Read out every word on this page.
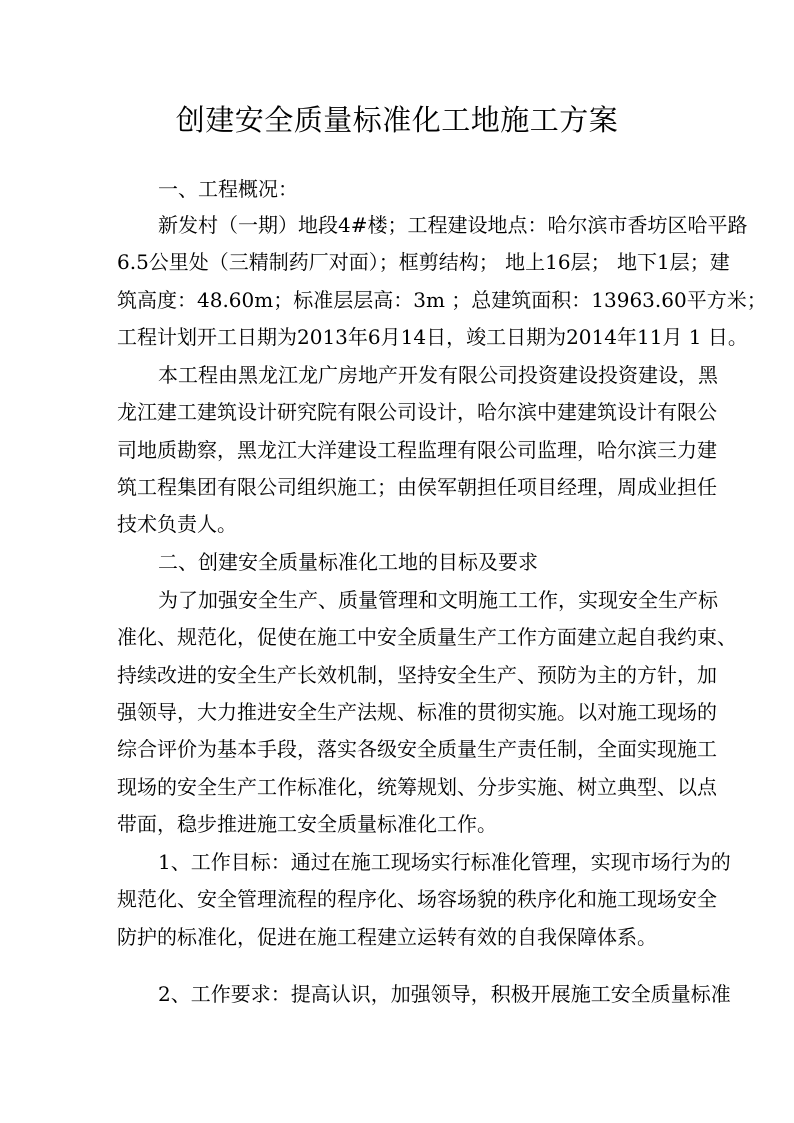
创建安全质量标准化工地施工方案
一、工程概况：
新发村（一期）地段4#楼；工程建设地点：哈尔滨市香坊区哈平路
6.5公里处（三精制药厂对面）；框剪结构； 地上16层； 地下1层；建
筑高度：48.60m；标准层层高：3m ；总建筑面积：13963.60平方米；
工程计划开工日期为2013年6月14日，竣工日期为2014年11月 1 日。
本工程由黑龙江龙广房地产开发有限公司投资建设投资建设，黑
龙江建工建筑设计研究院有限公司设计，哈尔滨中建建筑设计有限公
司地质勘察，黑龙江大洋建设工程监理有限公司监理，哈尔滨三力建
筑工程集团有限公司组织施工；由侯军朝担任项目经理，周成业担任
技术负责人。
二、创建安全质量标准化工地的目标及要求
为了加强安全生产、质量管理和文明施工工作，实现安全生产标
准化、规范化，促使在施工中安全质量生产工作方面建立起自我约束、
持续改进的安全生产长效机制，坚持安全生产、预防为主的方针，加
强领导，大力推进安全生产法规、标准的贯彻实施。以对施工现场的
综合评价为基本手段，落实各级安全质量生产责任制，全面实现施工
现场的安全生产工作标准化，统筹规划、分步实施、树立典型、以点
带面，稳步推进施工安全质量标准化工作。
1、工作目标：通过在施工现场实行标准化管理，实现市场行为的
规范化、安全管理流程的程序化、场容场貌的秩序化和施工现场安全
防护的标准化，促进在施工程建立运转有效的自我保障体系。
2、工作要求：提高认识，加强领导，积极开展施工安全质量标准
